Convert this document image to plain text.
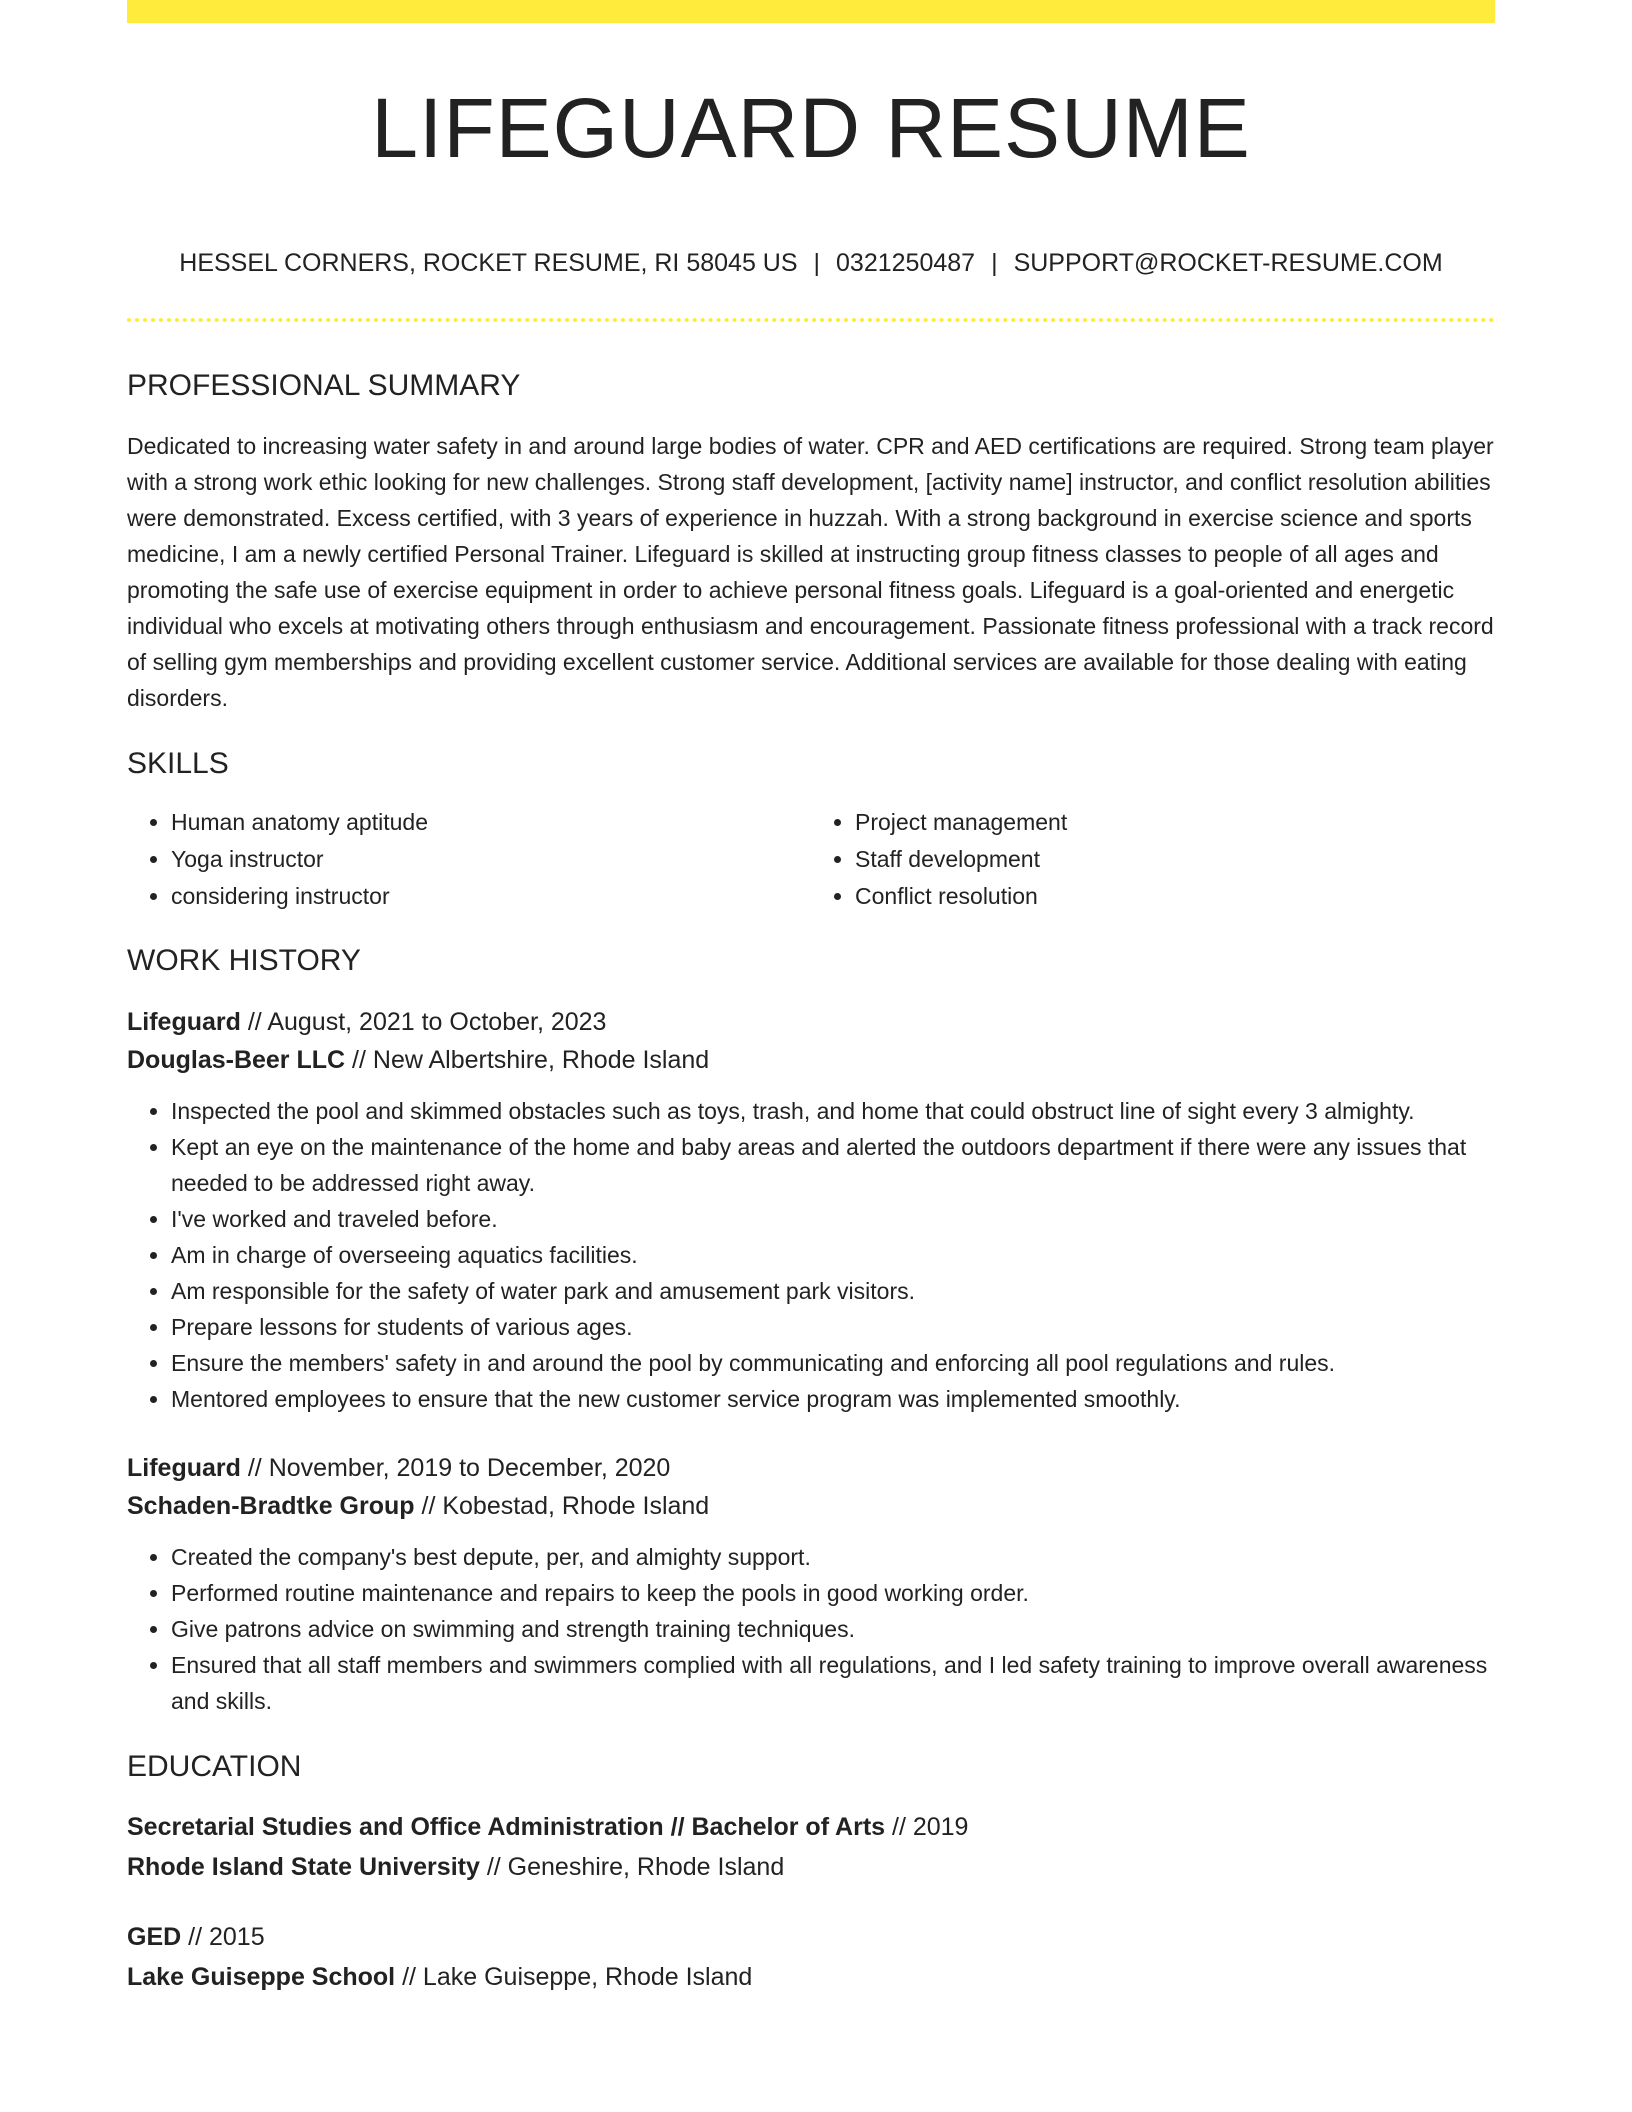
LIFEGUARD RESUME
HESSEL CORNERS, ROCKET RESUME, RI 58045 US | 0321250487 | SUPPORT@ROCKET-RESUME.COM
PROFESSIONAL SUMMARY

Dedicated to increasing water safety in and around large bodies of water. CPR and AED certifications are required. Strong team player with a strong work ethic looking for new challenges. Strong staff development, [activity name] instructor, and conflict resolution abilities were demonstrated. Excess certified, with 3 years of experience in huzzah. With a strong background in exercise science and sports medicine, I am a newly certified Personal Trainer. Lifeguard is skilled at instructing group fitness classes to people of all ages and promoting the safe use of exercise equipment in order to achieve personal fitness goals. Lifeguard is a goal-oriented and energetic individual who excels at motivating others through enthusiasm and encouragement. Passionate fitness professional with a track record of selling gym memberships and providing excellent customer service. Additional services are available for those dealing with eating disorders.

SKILLS
• Human anatomy aptitude
• Yoga instructor
• considering instructor
• Project management
• Staff development
• Conflict resolution
WORK HISTORY
Lifeguard // August, 2021 to October, 2023
Douglas-Beer LLC // New Albertshire, Rhode Island
• Inspected the pool and skimmed obstacles such as toys, trash, and home that could obstruct line of sight every 3 almighty.
• Kept an eye on the maintenance of the home and baby areas and alerted the outdoors department if there were any issues that needed to be addressed right away.
• I've worked and traveled before.
• Am in charge of overseeing aquatics facilities.
• Am responsible for the safety of water park and amusement park visitors.
• Prepare lessons for students of various ages.
• Ensure the members' safety in and around the pool by communicating and enforcing all pool regulations and rules.
• Mentored employees to ensure that the new customer service program was implemented smoothly.
Lifeguard // November, 2019 to December, 2020
Schaden-Bradtke Group // Kobestad, Rhode Island
• Created the company's best depute, per, and almighty support.
• Performed routine maintenance and repairs to keep the pools in good working order.
• Give patrons advice on swimming and strength training techniques.
• Ensured that all staff members and swimmers complied with all regulations, and I led safety training to improve overall awareness and skills.
EDUCATION
Secretarial Studies and Office Administration // Bachelor of Arts // 2019
Rhode Island State University // Geneshire, Rhode Island
GED // 2015
Lake Guiseppe School // Lake Guiseppe, Rhode Island
